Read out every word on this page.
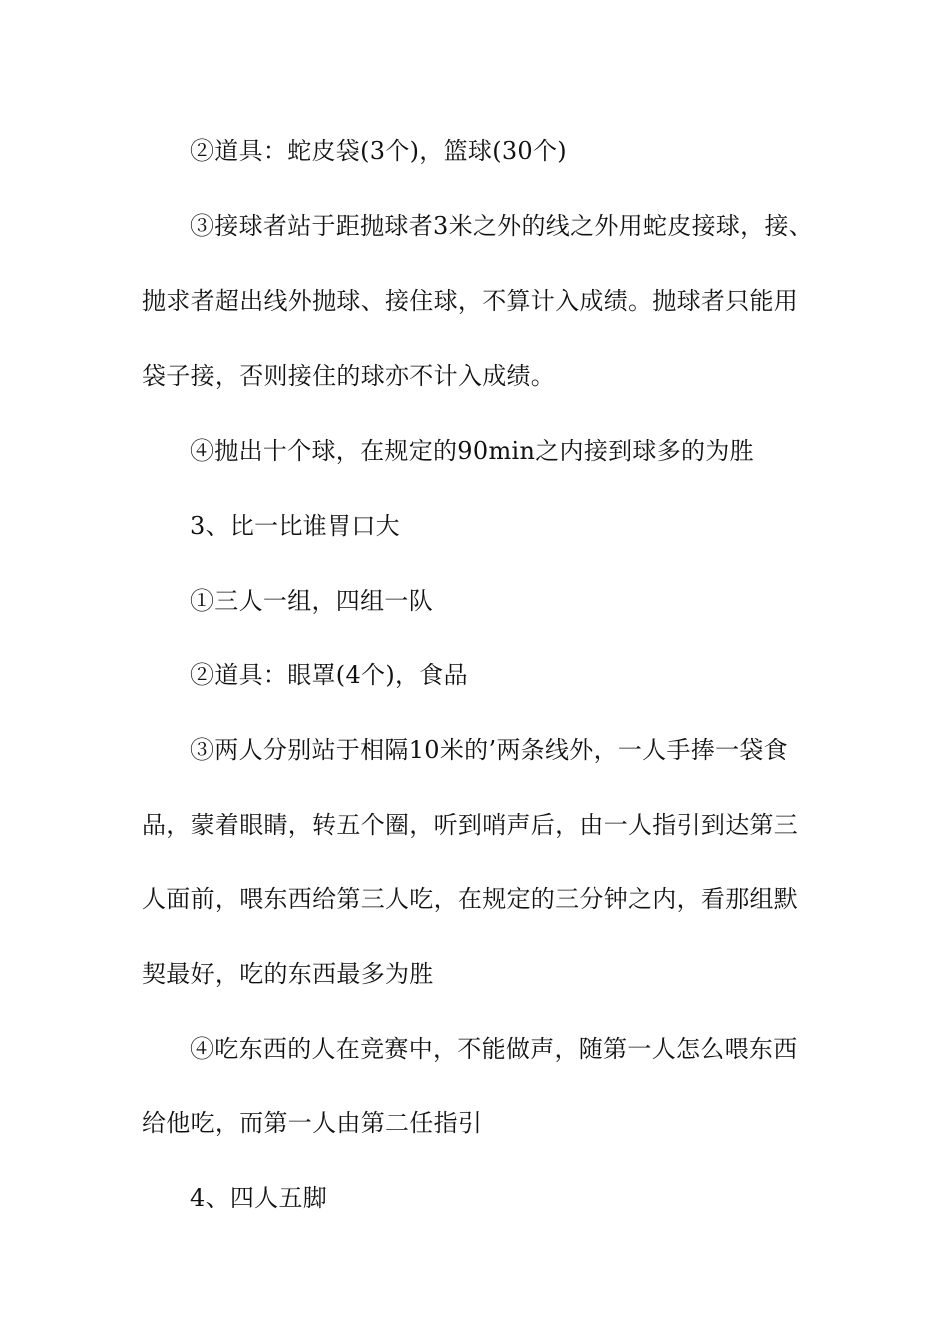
②道具：蛇皮袋(3个)，篮球(30个)

③接球者站于距抛球者3米之外的线之外用蛇皮接球，接、

抛求者超出线外抛球、接住球，不算计入成绩。抛球者只能用

袋子接，否则接住的球亦不计入成绩。

④抛出十个球，在规定的90min之内接到球多的为胜

3、比一比谁胃口大

①三人一组，四组一队

②道具：眼罩(4个)，食品

③两人分别站于相隔10米的’两条线外，一人手捧一袋食

品，蒙着眼睛，转五个圈，听到哨声后，由一人指引到达第三

人面前，喂东西给第三人吃，在规定的三分钟之内，看那组默

契最好，吃的东西最多为胜

④吃东西的人在竞赛中，不能做声，随第一人怎么喂东西

给他吃，而第一人由第二任指引

4、四人五脚
